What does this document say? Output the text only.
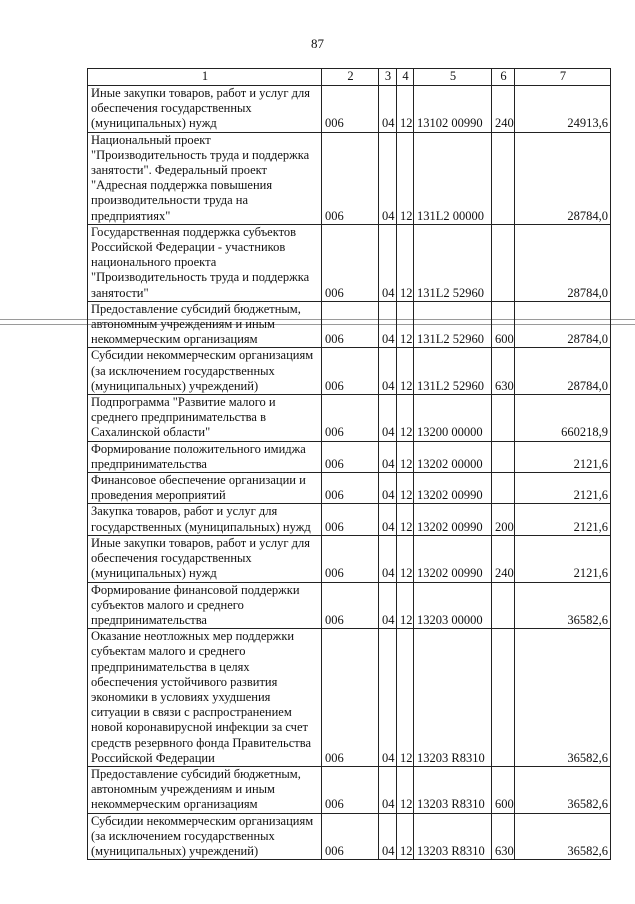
87
1	2	3	4	5	6	7
Иные закупки товаров, работ и услуг для обеспечения государственных (муниципальных) нужд	006	04	12	13102 00990	240	24913,6
Национальный проект "Производительность труда и поддержка занятости". Федеральный проект "Адресная поддержка повышения производительности труда на предприятиях"	006	04	12	131L2 00000		28784,0
Государственная поддержка субъектов Российской Федерации - участников национального проекта "Производительность труда и поддержка занятости"	006	04	12	131L2 52960		28784,0
Предоставление субсидий бюджетным, автономным учреждениям и иным некоммерческим организациям	006	04	12	131L2 52960	600	28784,0
Субсидии некоммерческим организациям (за исключением государственных (муниципальных) учреждений)	006	04	12	131L2 52960	630	28784,0
Подпрограмма "Развитие малого и среднего предпринимательства в Сахалинской области"	006	04	12	13200 00000		660218,9
Формирование положительного имиджа предпринимательства	006	04	12	13202 00000		2121,6
Финансовое обеспечение организации и проведения мероприятий	006	04	12	13202 00990		2121,6
Закупка товаров, работ и услуг для государственных (муниципальных) нужд	006	04	12	13202 00990	200	2121,6
Иные закупки товаров, работ и услуг для обеспечения государственных (муниципальных) нужд	006	04	12	13202 00990	240	2121,6
Формирование финансовой поддержки субъектов малого и среднего предпринимательства	006	04	12	13203 00000		36582,6
Оказание неотложных мер поддержки субъектам малого и среднего предпринимательства в целях обеспечения устойчивого развития экономики в условиях ухудшения ситуации в связи с распространением новой коронавирусной инфекции за счет средств резервного фонда Правительства Российской Федерации	006	04	12	13203 R8310		36582,6
Предоставление субсидий бюджетным, автономным учреждениям и иным некоммерческим организациям	006	04	12	13203 R8310	600	36582,6
Субсидии некоммерческим организациям (за исключением государственных (муниципальных) учреждений)	006	04	12	13203 R8310	630	36582,6
